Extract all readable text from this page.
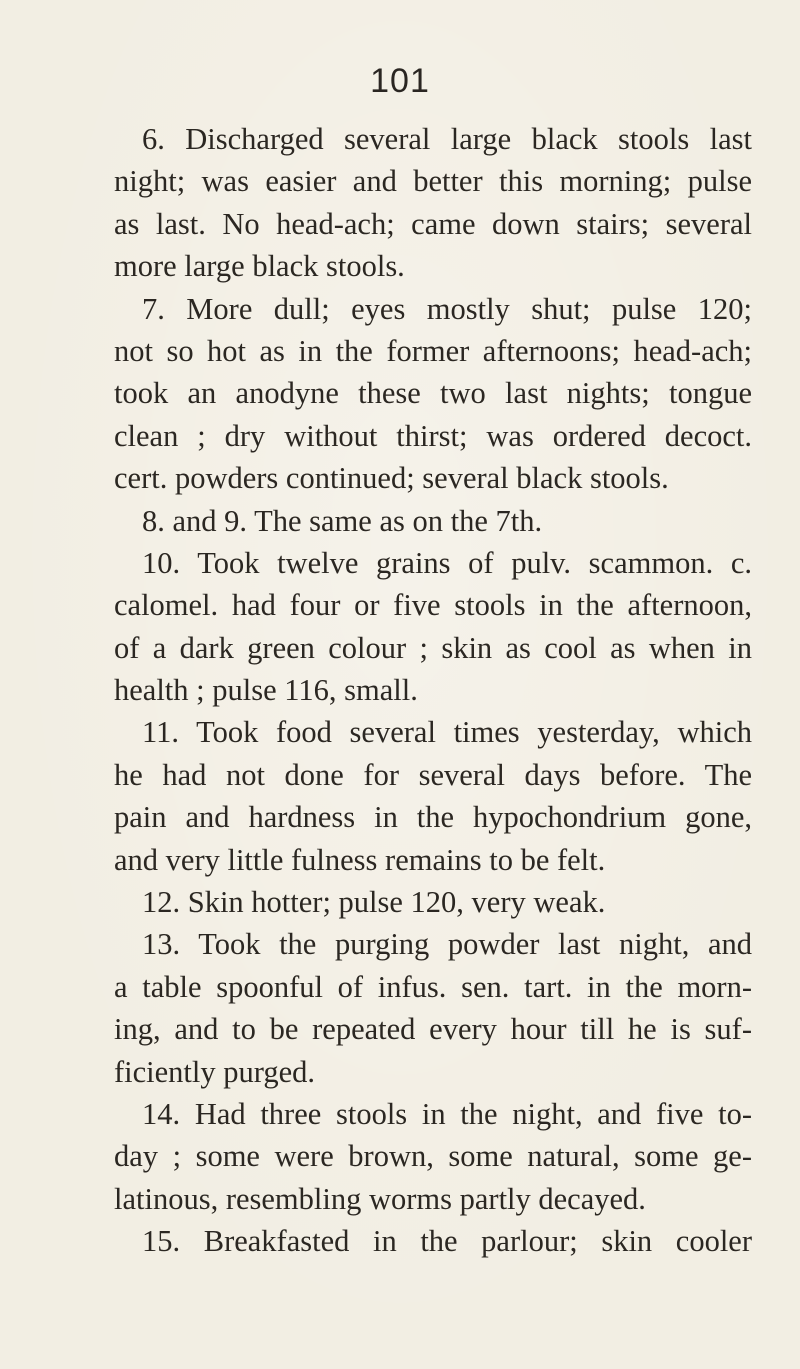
101
6. Discharged several large black stools last
night; was easier and better this morning; pulse
as last. No head-ach; came down stairs; several
more large black stools.
7. More dull; eyes mostly shut; pulse 120;
not so hot as in the former afternoons; head-ach;
took an anodyne these two last nights; tongue
clean ; dry without thirst; was ordered decoct.
cert. powders continued; several black stools.
8. and 9. The same as on the 7th.
10. Took twelve grains of pulv. scammon. c.
calomel. had four or five stools in the afternoon,
of a dark green colour ; skin as cool as when in
health ; pulse 116, small.
11. Took food several times yesterday, which
he had not done for several days before. The
pain and hardness in the hypochondrium gone,
and very little fulness remains to be felt.
12. Skin hotter; pulse 120, very weak.
13. Took the purging powder last night, and
a table spoonful of infus. sen. tart. in the morn-
ing, and to be repeated every hour till he is suf-
ficiently purged.
14. Had three stools in the night, and five to-
day ; some were brown, some natural, some ge-
latinous, resembling worms partly decayed.
15. Breakfasted in the parlour; skin cooler
